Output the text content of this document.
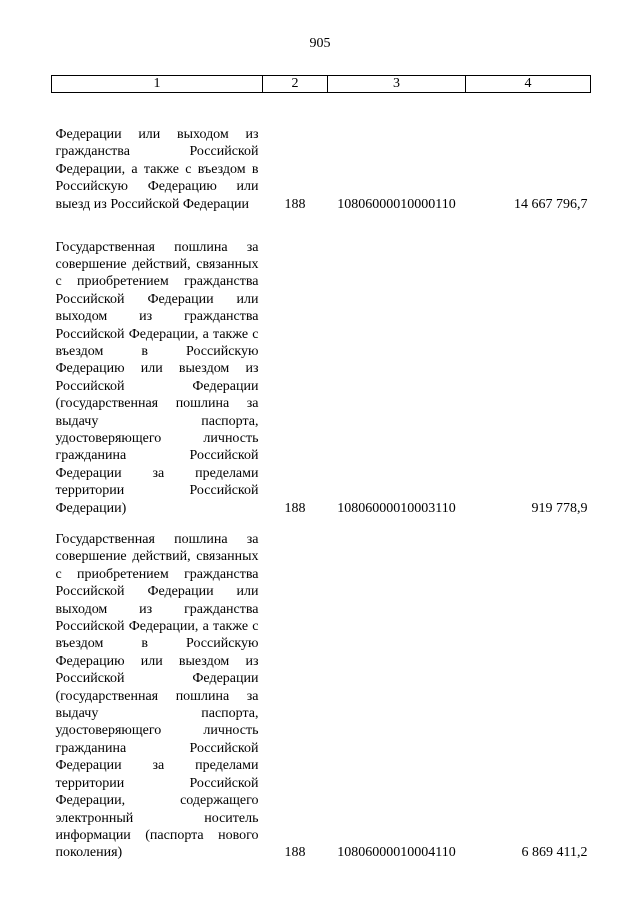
905
1	2	3	4
Федерации или выходом из гражданства Российской Федерации, а также с въездом в Российскую Федерацию или выезд из Российской Федерации	188	10806000010000110	14 667 796,7
Государственная пошлина за совершение действий, связанных с приобретением гражданства Российской Федерации или выходом из гражданства Российской Федерации, а также с въездом в Российскую Федерацию или выездом из Российской Федерации (государственная пошлина за выдачу паспорта, удостоверяющего личность гражданина Российской Федерации за пределами территории Российской Федерации)	188	10806000010003110	919 778,9
Государственная пошлина за совершение действий, связанных с приобретением гражданства Российской Федерации или выходом из гражданства Российской Федерации, а также с въездом в Российскую Федерацию или выездом из Российской Федерации (государственная пошлина за выдачу паспорта, удостоверяющего личность гражданина Российской Федерации за пределами территории Российской Федерации, содержащего электронный носитель информации (паспорта нового поколения)	188	10806000010004110	6 869 411,2
